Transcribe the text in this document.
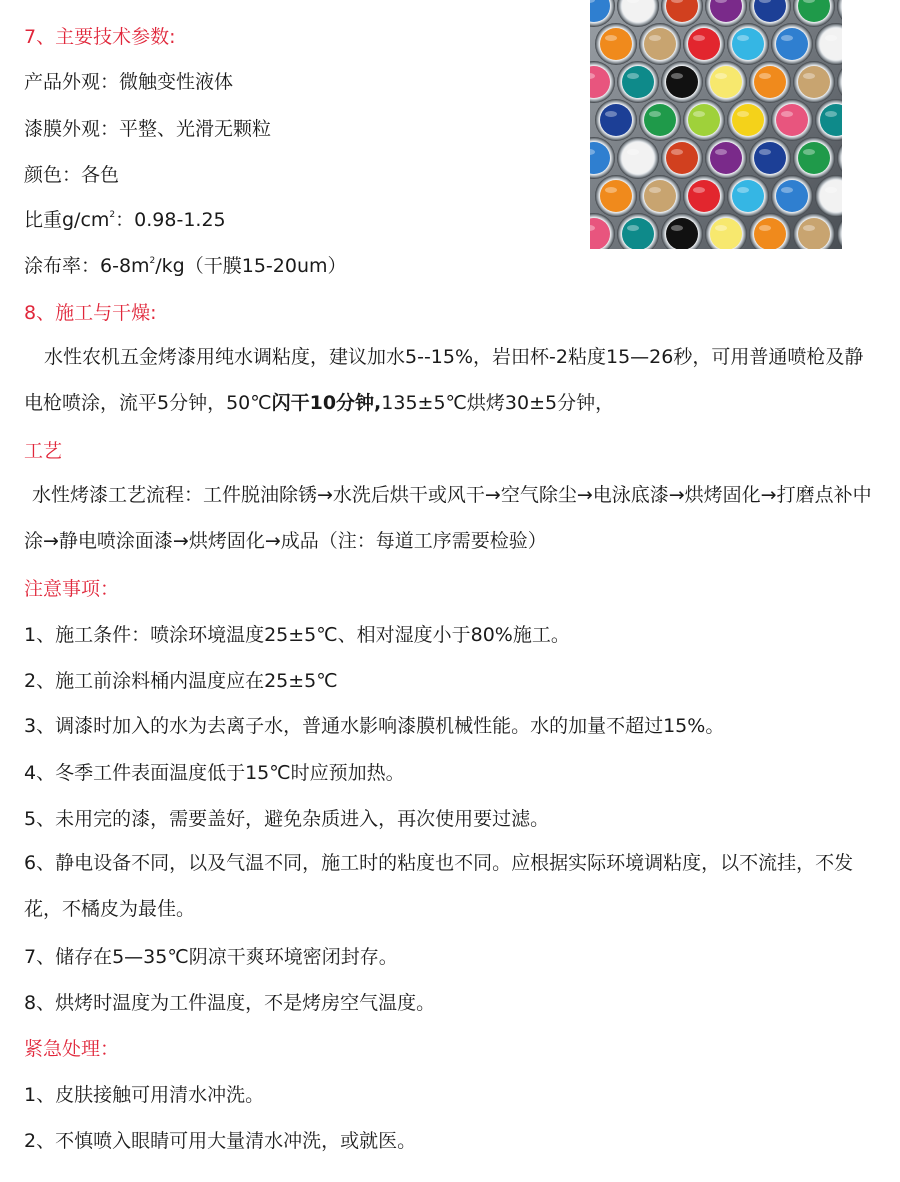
7、主要技术参数:

产品外观：微触变性液体

漆膜外观：平整、光滑无颗粒

颜色：各色

比重$g/cm^2$：0.98-1.25

涂布率：$6-8m^2/kg$（干膜15-20um）

8、施工与干燥:

水性农机五金烤漆用纯水调粘度，建议加水5--15%，岩田杯-2粘度15—26秒，可用普通喷枪及静电枪喷涂，流平5分钟，50℃闪干10分钟,135±5℃烘烤30±5分钟，

工艺

水性烤漆工艺流程：工件脱油除锈→水洗后烘干或风干→空气除尘→电泳底漆→烘烤固化→打磨点补中涂→静电喷涂面漆→烘烤固化→成品（注：每道工序需要检验）

注意事项：

1、施工条件：喷涂环境温度25±5℃、相对湿度小于80%施工。

2、施工前涂料桶内温度应在25±5℃

3、调漆时加入的水为去离子水，普通水影响漆膜机械性能。水的加量不超过15%。

4、冬季工件表面温度低于15℃时应预加热。

5、未用完的漆，需要盖好，避免杂质进入，再次使用要过滤。

6、静电设备不同，以及气温不同，施工时的粘度也不同。应根据实际环境调粘度，以不流挂，不发花，不橘皮为最佳。

7、储存在5—35℃阴凉干爽环境密闭封存。

8、烘烤时温度为工件温度，不是烤房空气温度。

紧急处理：

1、皮肤接触可用清水冲洗。

2、不慎喷入眼睛可用大量清水冲洗，或就医。
